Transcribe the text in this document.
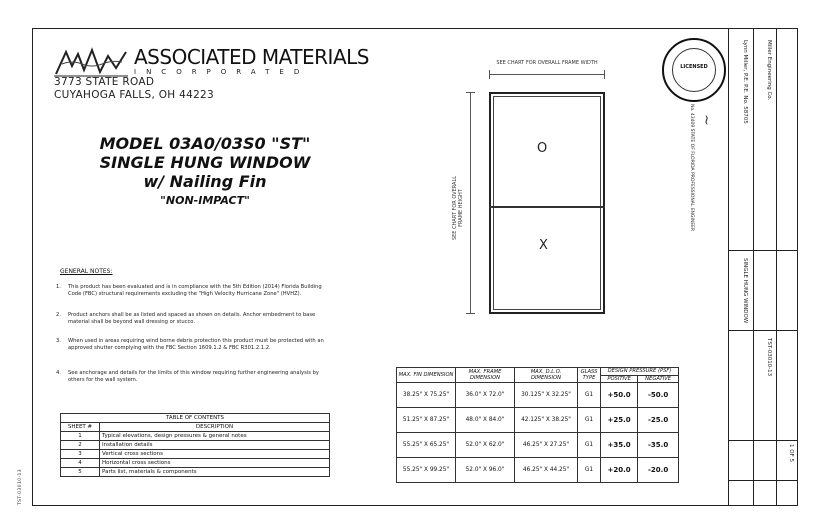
TST-03010-13
ASSOCIATED MATERIALS
INCORPORATED
3773 STATE ROAD
CUYAHOGA FALLS, OH 44223
MODEL 03A0/03S0 "ST"
SINGLE HUNG WINDOW
w/ Nailing Fin
"NON-IMPACT"
GENERAL NOTES:
1. This product has been evaluated and is in compliance with the 5th Edition (2014) Florida Building Code (FBC) structural requirements excluding the "High Velocity Hurricane Zone" (HVHZ).
2. Product anchors shall be as listed and spaced as shown on details. Anchor embedment to base material shall be beyond wall dressing or stucco.
3. When used in areas requiring wind borne debris protection this product must be protected with an approved shutter complying with the FBC Section 1609.1.2 & FBC R301.2.1.2.
4. See anchorage and details for the limits of this window requiring further engineering analysis by others for the wall system.
TABLE OF CONTENTS	
SHEET #	DESCRIPTION
1	Typical elevations, design pressures & general notes
2	Installation details
3	Vertical cross sections
4	Horizontal cross sections
5	Parts list, materials & components
SEE CHART FOR OVERALL FRAME WIDTH
SEE CHART FOR OVERALL FRAME HEIGHT
O
X
MAX. FIN DIMENSION	MAX. FRAME DIMENSION	MAX. D.L.O. DIMENSION	GLASS TYPE	DESIGN PRESSURE (PSF)	
				POSITIVE	NEGATIVE
38.25" X 75.25"	36.0" X 72.0"	30.125" X 32.25"	G1	+50.0	-50.0
51.25" X 87.25"	48.0" X 84.0"	42.125" X 38.25"	G1	+25.0	-25.0
55.25" X 65.25"	52.0" X 62.0"	46.25" X 27.25"	G1	+35.0	-35.0
55.25" X 99.25"	52.0" X 96.0"	46.25" X 44.25"	G1	+20.0	-20.0
LICENSED
No. 43409 STATE OF FLORIDA PROFESSIONAL ENGINEER ~	Lynn Miller, P.E. P.E. No. 58705	Miller Engineering Co.
SINGLE HUNG WINDOW
TST-03010-13
1 OF 5
